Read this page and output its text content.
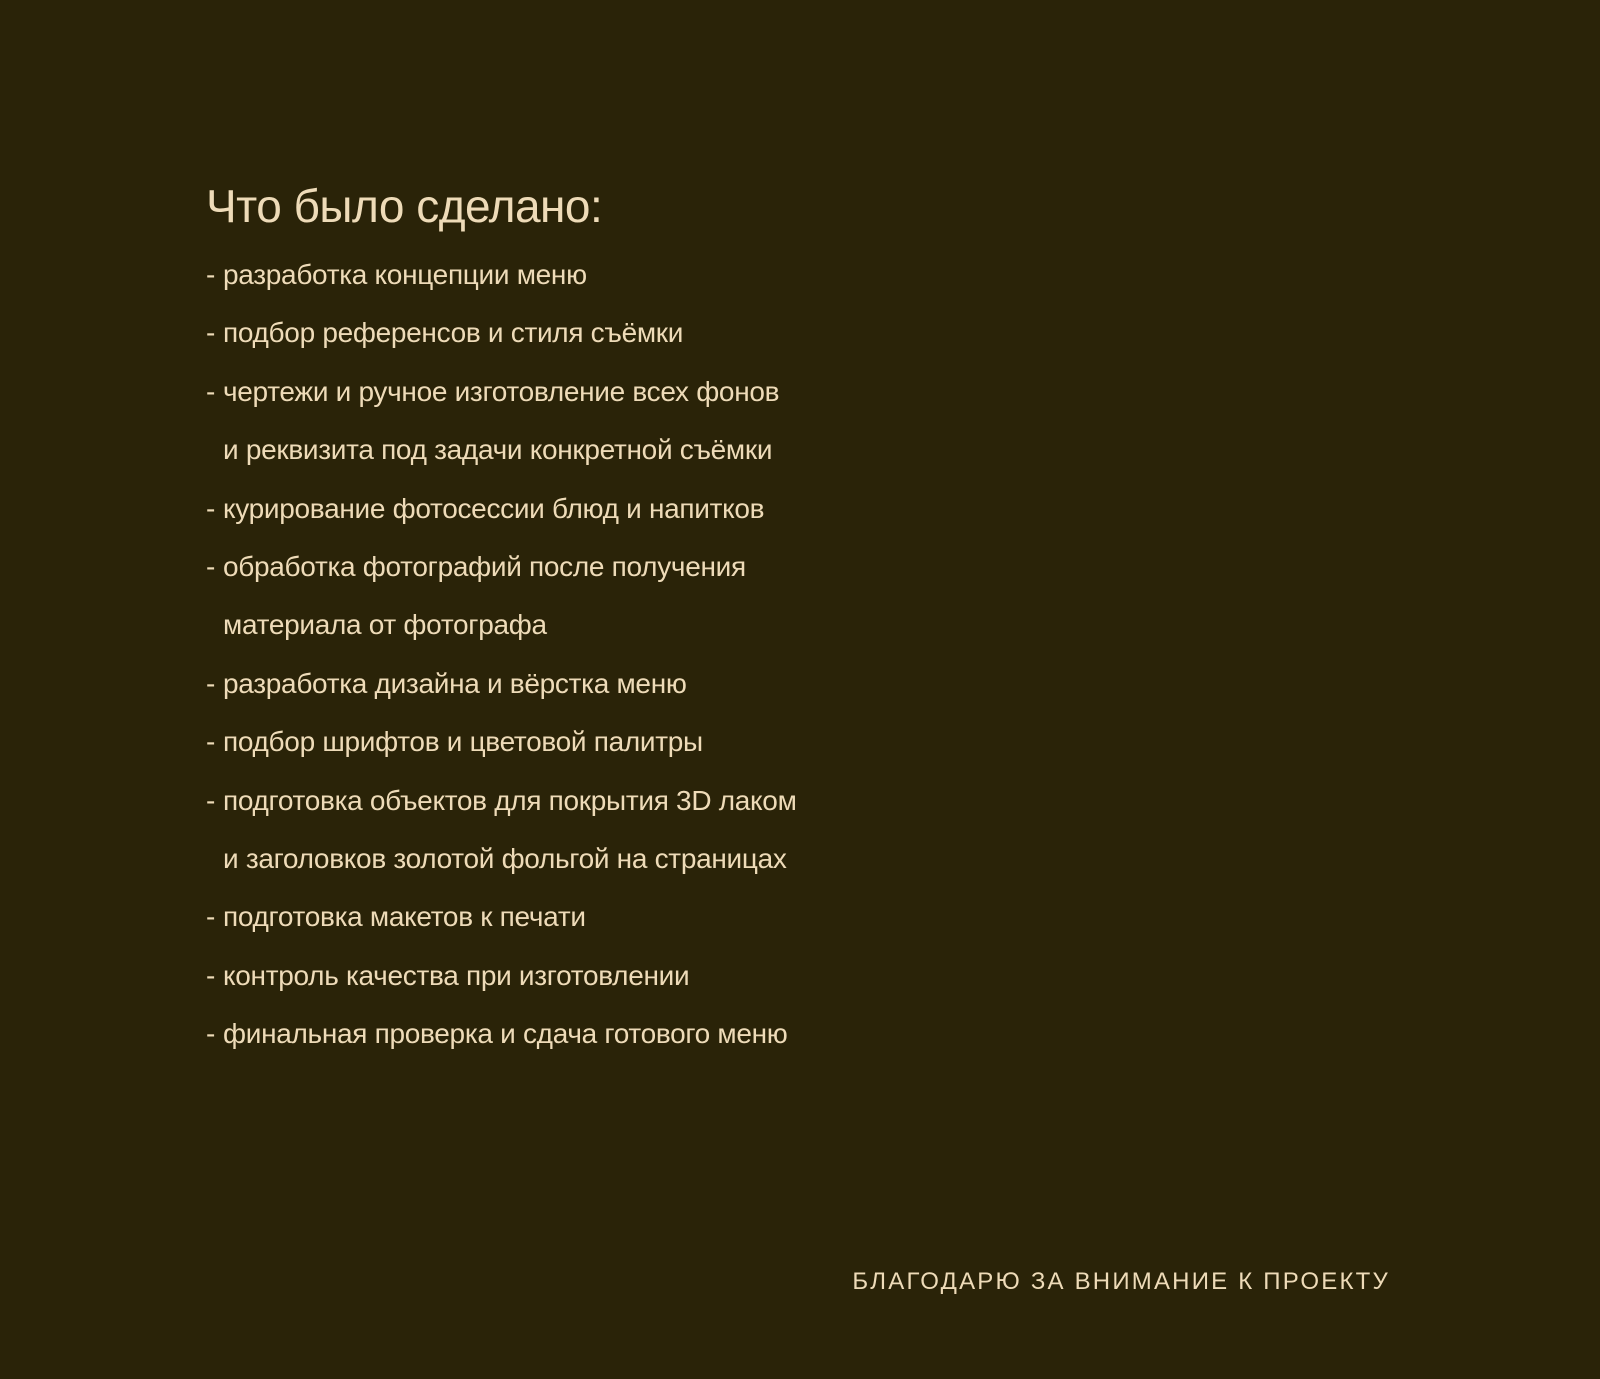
Что было сделано:
- разработка концепции меню
- подбор референсов и стиля съёмки
- чертежи и ручное изготовление всех фонов
и реквизита под задачи конкретной съёмки
- курирование фотосессии блюд и напитков
- обработка фотографий после получения
материала от фотографа
- разработка дизайна и вёрстка меню
- подбор шрифтов и цветовой палитры
- подготовка объектов для покрытия 3D лаком
и заголовков золотой фольгой на страницах
- подготовка макетов к печати
- контроль качества при изготовлении
- финальная проверка и сдача готового меню
БЛАГОДАРЮ ЗА ВНИМАНИЕ К ПРОЕКТУ
